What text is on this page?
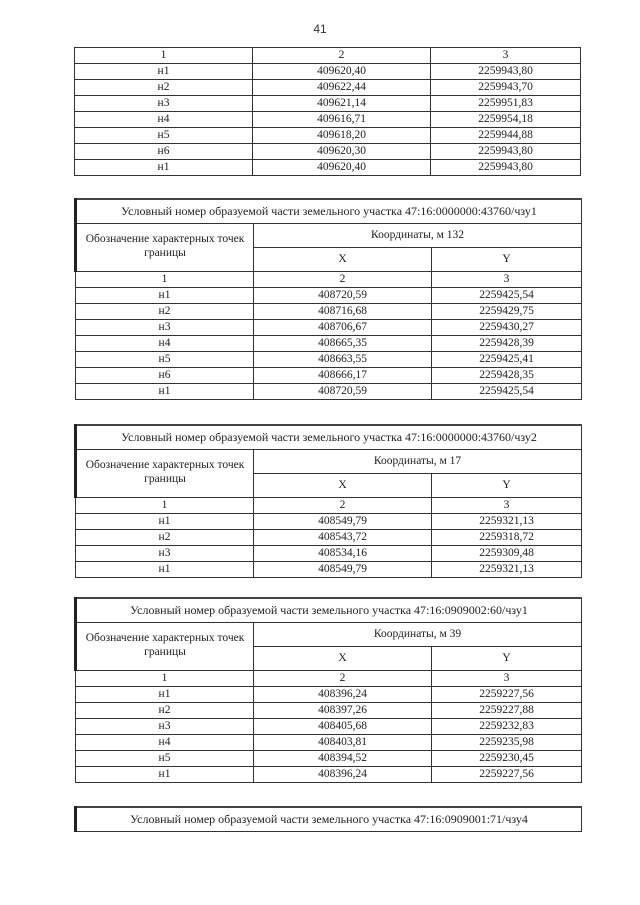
41
1	2	3
н1	409620,40	2259943,80
н2	409622,44	2259943,70
н3	409621,14	2259951,83
н4	409616,71	2259954,18
н5	409618,20	2259944,88
н6	409620,30	2259943,80
н1	409620,40	2259943,80
Условный номер образуемой части земельного участка 47:16:0000000:43760/чзу1		
Обозначение характерных точек границы	Координаты, м 132	
	X	Y
1	2	3
н1	408720,59	2259425,54
н2	408716,68	2259429,75
н3	408706,67	2259430,27
н4	408665,35	2259428,39
н5	408663,55	2259425,41
н6	408666,17	2259428,35
н1	408720,59	2259425,54
Условный номер образуемой части земельного участка 47:16:0000000:43760/чзу2		
Обозначение характерных точек границы	Координаты, м 17	
	X	Y
1	2	3
н1	408549,79	2259321,13
н2	408543,72	2259318,72
н3	408534,16	2259309,48
н1	408549,79	2259321,13
Условный номер образуемой части земельного участка 47:16:0909002:60/чзу1		
Обозначение характерных точек границы	Координаты, м 39	
	X	Y
1	2	3
н1	408396,24	2259227,56
н2	408397,26	2259227,88
н3	408405,68	2259232,83
н4	408403,81	2259235,98
н5	408394,52	2259230,45
н1	408396,24	2259227,56
Условный номер образуемой части земельного участка 47:16:0909001:71/чзу4
